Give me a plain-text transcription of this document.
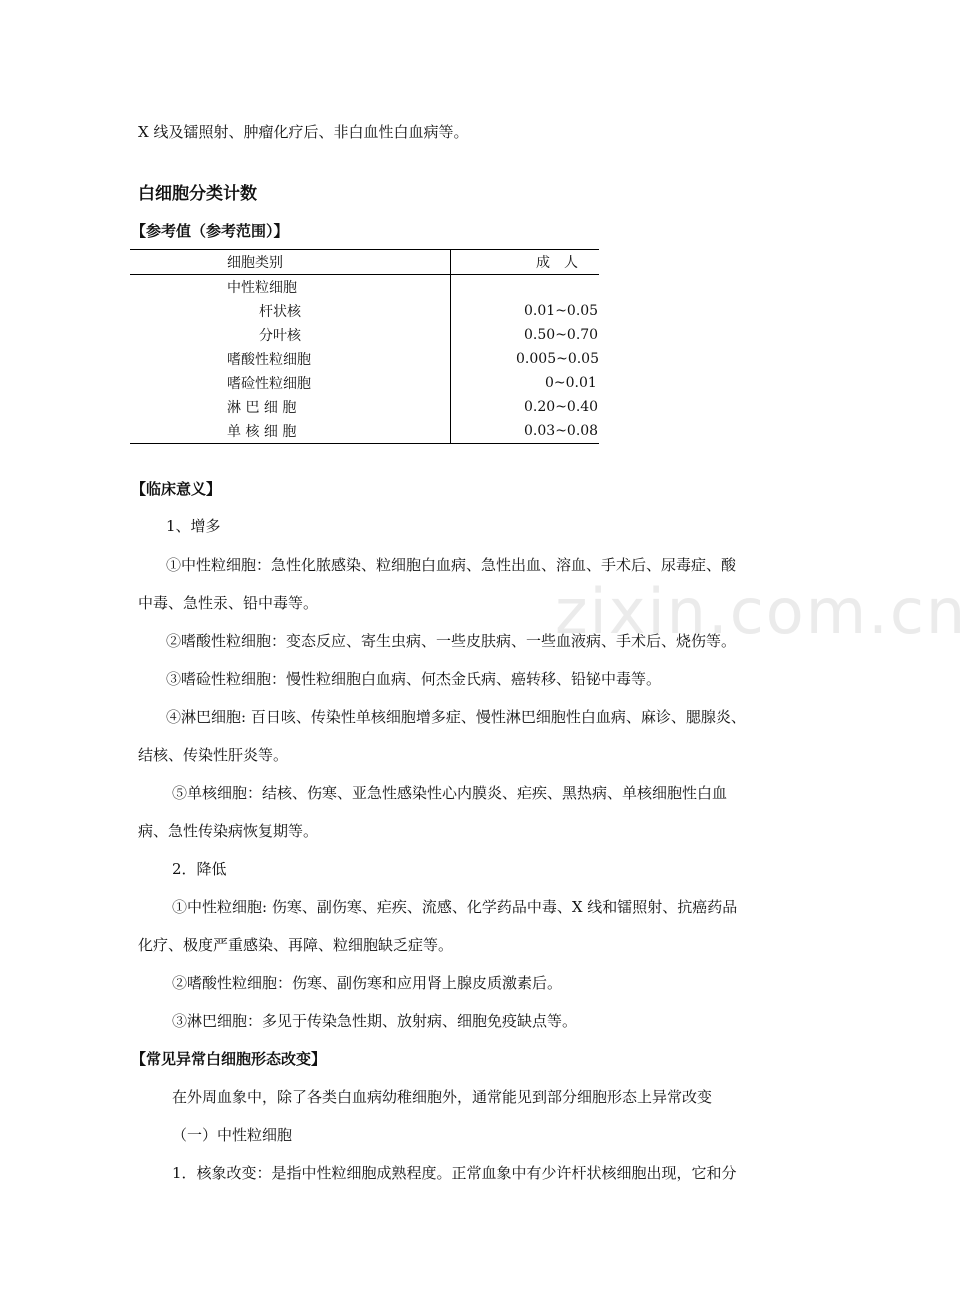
zixin.com.cn
X 线及镭照射、肿瘤化疗后、非白血性白血病等。
白细胞分类计数
【参考值（参考范围）】
细胞类别	成　人
中性粒细胞	
杆状核	0.01~0.05
分叶核	0.50~0.70
嗜酸性粒细胞	0.005~0.05
嗜硷性粒细胞	0~0.01
淋 巴 细 胞	0.20~0.40
单 核 细 胞	0.03~0.08
【临床意义】
1、增多
①中性粒细胞：急性化脓感染、粒细胞白血病、急性出血、溶血、手术后、尿毒症、酸
中毒、急性汞、铅中毒等。
②嗜酸性粒细胞：变态反应、寄生虫病、一些皮肤病、一些血液病、手术后、烧伤等。
③嗜硷性粒细胞：慢性粒细胞白血病、何杰金氏病、癌转移、铅铋中毒等。
④淋巴细胞: 百日咳、传染性单核细胞增多症、慢性淋巴细胞性白血病、麻诊、腮腺炎、
结核、传染性肝炎等。
⑤单核细胞：结核、伤寒、亚急性感染性心内膜炎、疟疾、黑热病、单核细胞性白血
病、急性传染病恢复期等。
2．降低
①中性粒细胞: 伤寒、副伤寒、疟疾、流感、化学药品中毒、X 线和镭照射、抗癌药品
化疗、极度严重感染、再障、粒细胞缺乏症等。
②嗜酸性粒细胞：伤寒、副伤寒和应用肾上腺皮质激素后。
③淋巴细胞：多见于传染急性期、放射病、细胞免疫缺点等。
【常见异常白细胞形态改变】
在外周血象中，除了各类白血病幼稚细胞外，通常能见到部分细胞形态上异常改变
（一）中性粒细胞
1．核象改变：是指中性粒细胞成熟程度。正常血象中有少许杆状核细胞出现，它和分
